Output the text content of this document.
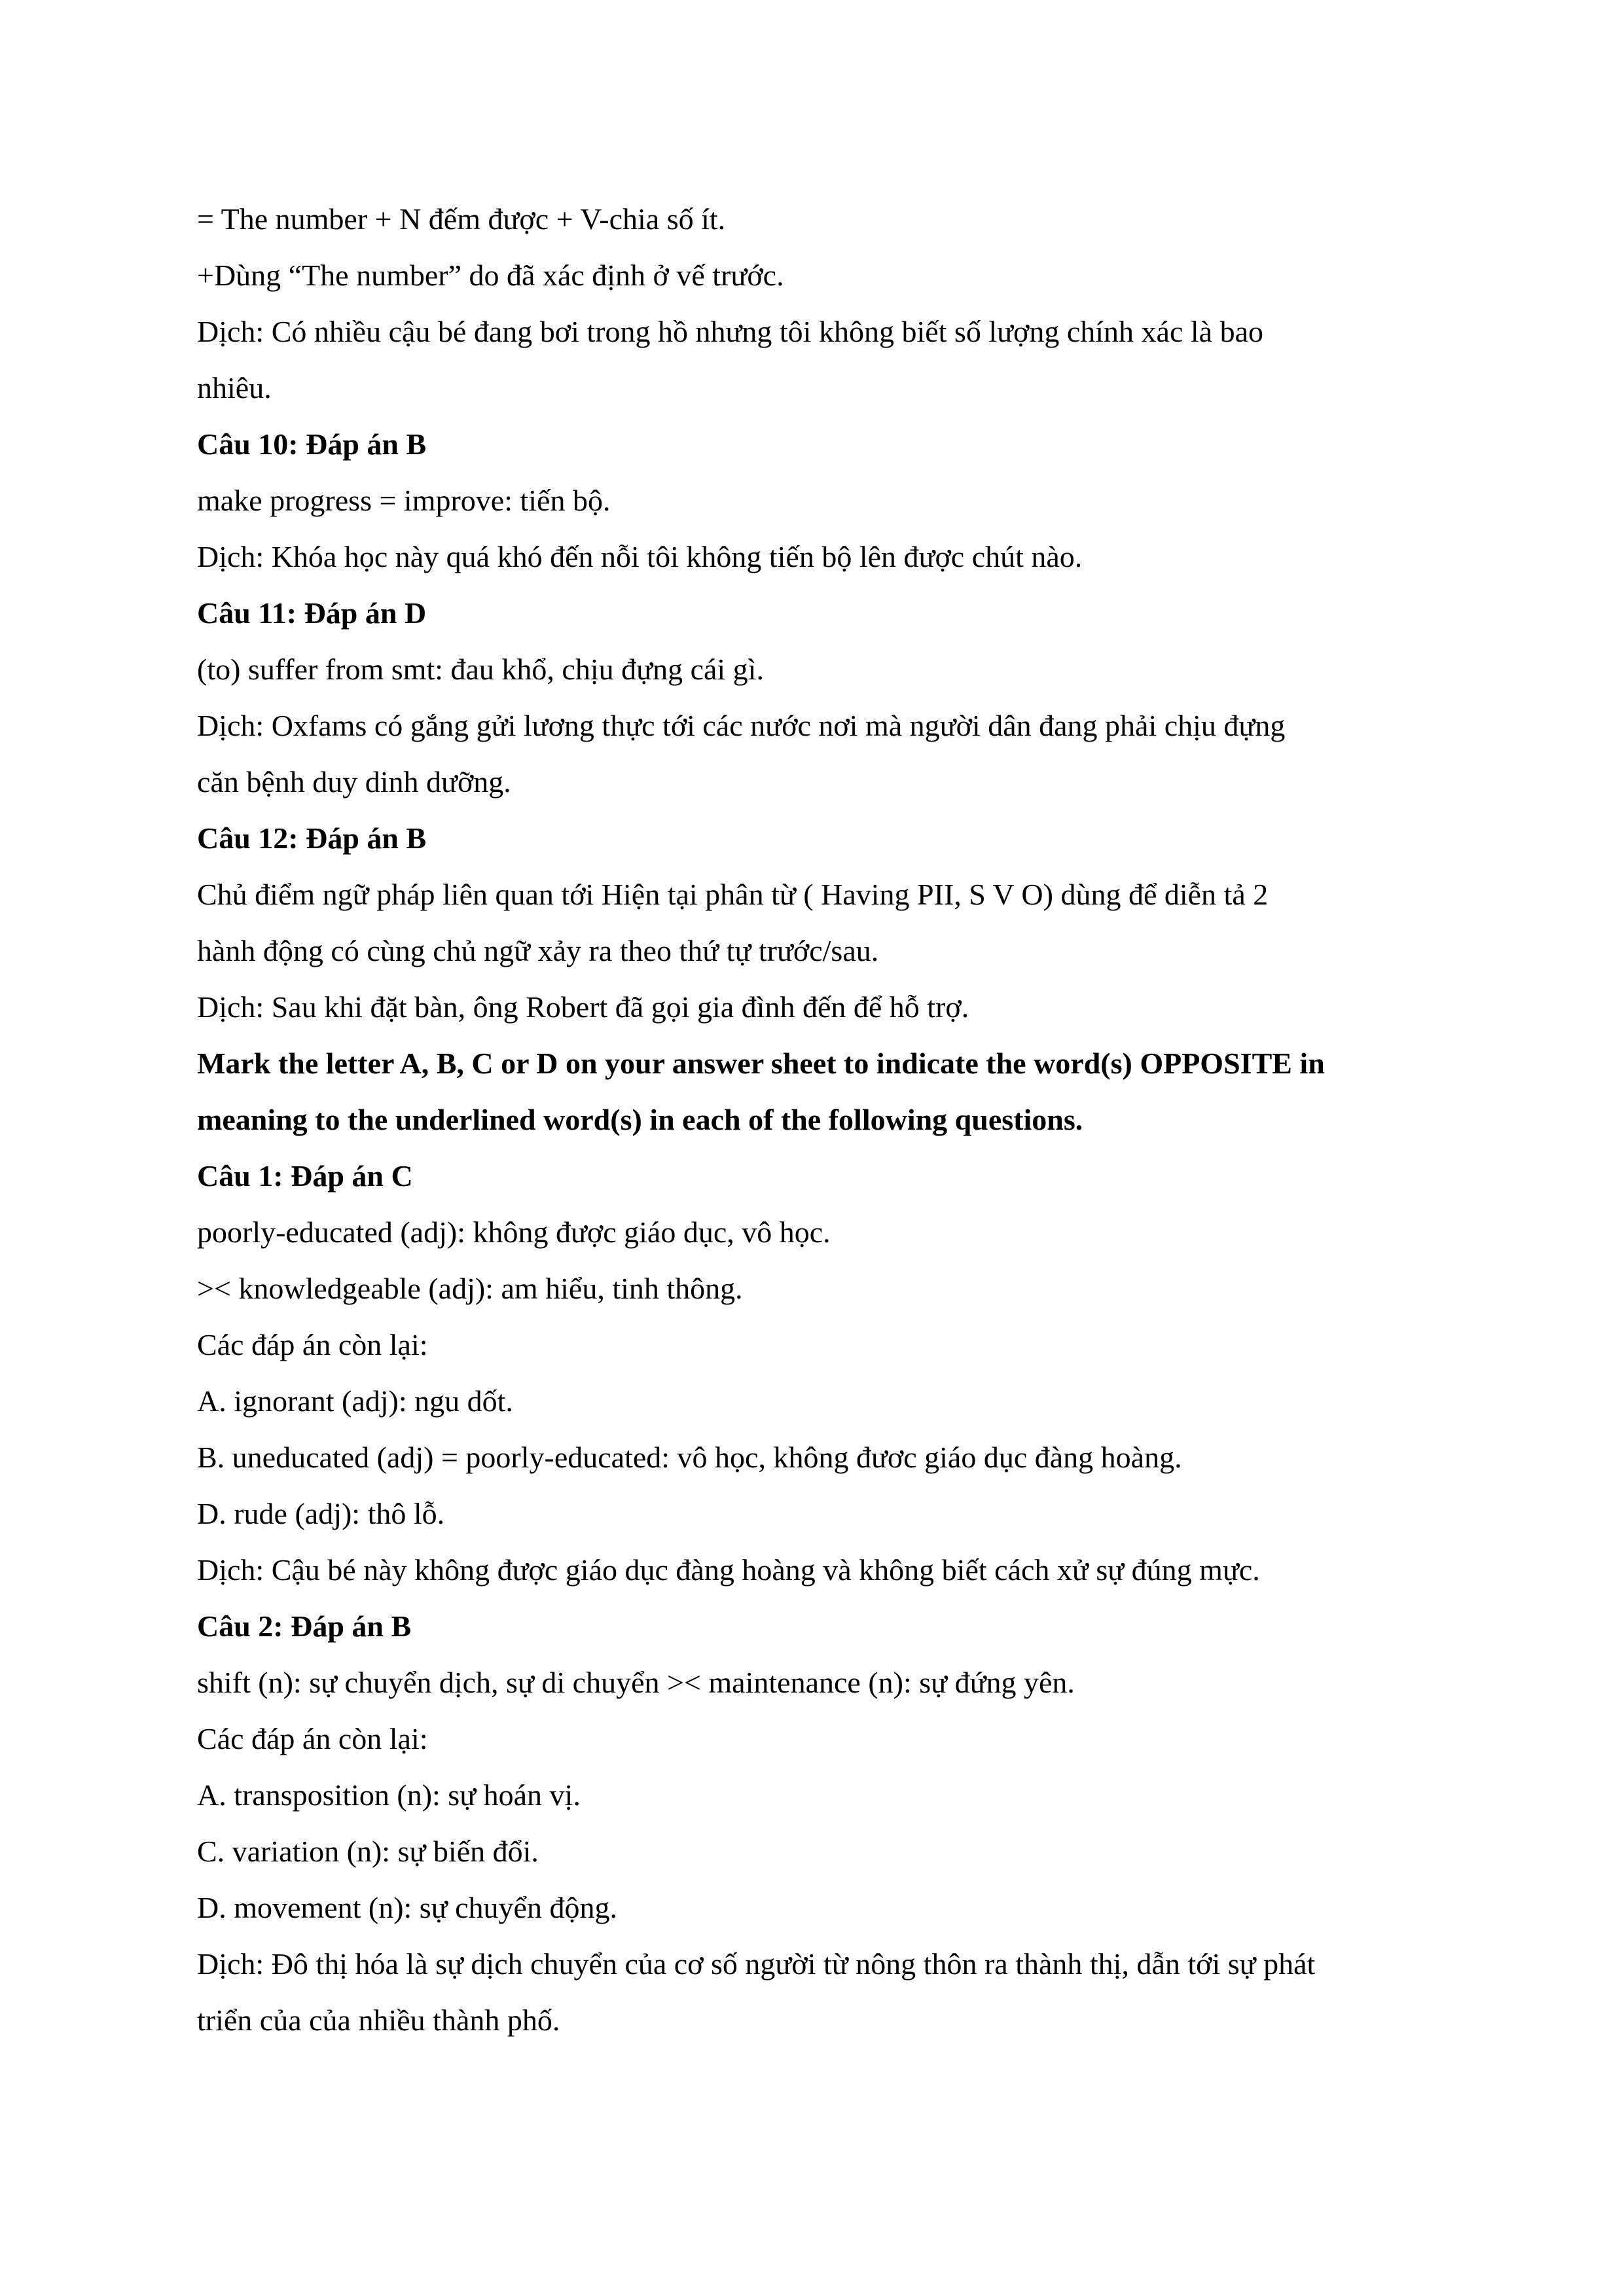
= The number + N đếm được + V-chia số ít.
+Dùng “The number” do đã xác định ở vế trước.
Dịch: Có nhiều cậu bé đang bơi trong hồ nhưng tôi không biết số lượng chính xác là bao
nhiêu.
Câu 10: Đáp án B
make progress = improve: tiến bộ.
Dịch: Khóa học này quá khó đến nỗi tôi không tiến bộ lên được chút nào.
Câu 11: Đáp án D
(to) suffer from smt: đau khổ, chịu đựng cái gì.
Dịch: Oxfams có gắng gửi lương thực tới các nước nơi mà người dân đang phải chịu đựng
căn bệnh duy dinh dưỡng.
Câu 12: Đáp án B
Chủ điểm ngữ pháp liên quan tới Hiện tại phân từ ( Having PII, S V O) dùng để diễn tả 2
hành động có cùng chủ ngữ xảy ra theo thứ tự trước/sau.
Dịch: Sau khi đặt bàn, ông Robert đã gọi gia đình đến để hỗ trợ.
Mark the letter A, B, C or D on your answer sheet to indicate the word(s) OPPOSITE in
meaning to the underlined word(s) in each of the following questions.
Câu 1: Đáp án C
poorly-educated (adj): không được giáo dục, vô học.
>< knowledgeable (adj): am hiểu, tinh thông.
Các đáp án còn lại:
A. ignorant (adj): ngu dốt.
B. uneducated (adj) = poorly-educated: vô học, không đươc giáo dục đàng hoàng.
D. rude (adj): thô lỗ.
Dịch: Cậu bé này không được giáo dục đàng hoàng và không biết cách xử sự đúng mực.
Câu 2: Đáp án B
shift (n): sự chuyển dịch, sự di chuyển >< maintenance (n): sự đứng yên.
Các đáp án còn lại:
A. transposition (n): sự hoán vị.
C. variation (n): sự biến đổi.
D. movement (n): sự chuyển động.
Dịch: Đô thị hóa là sự dịch chuyển của cơ số người từ nông thôn ra thành thị, dẫn tới sự phát
triển của của nhiều thành phố.
